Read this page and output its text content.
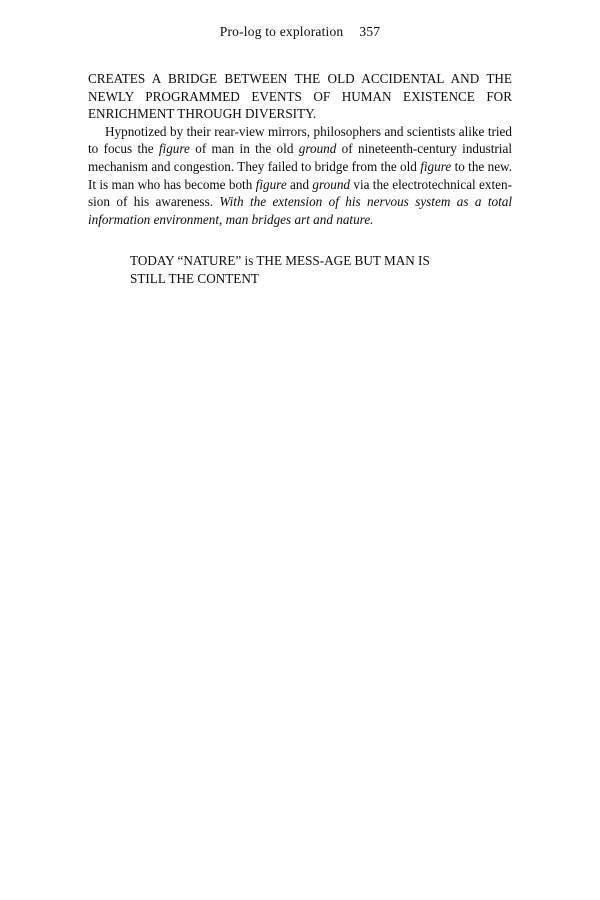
Pro-log to exploration 357

CREATES A BRIDGE BETWEEN THE OLD ACCIDENTAL AND THE NEWLY PROGRAMMED EVENTS OF HUMAN EXISTENCE FOR ENRICHMENT THROUGH DIVERSITY.

Hypnotized by their rear-view mirrors, philosophers and scientists alike tried to focus the figure of man in the old ground of nineteenth-century industrial mechanism and congestion. They failed to bridge from the old figure to the new. It is man who has become both figure and ground via the electrotechnical exten-sion of his awareness. With the extension of his nervous system as a total information environment, man bridges art and nature.

TODAY “NATURE” is THE MESS-AGE BUT MAN IS
STILL THE CONTENT
